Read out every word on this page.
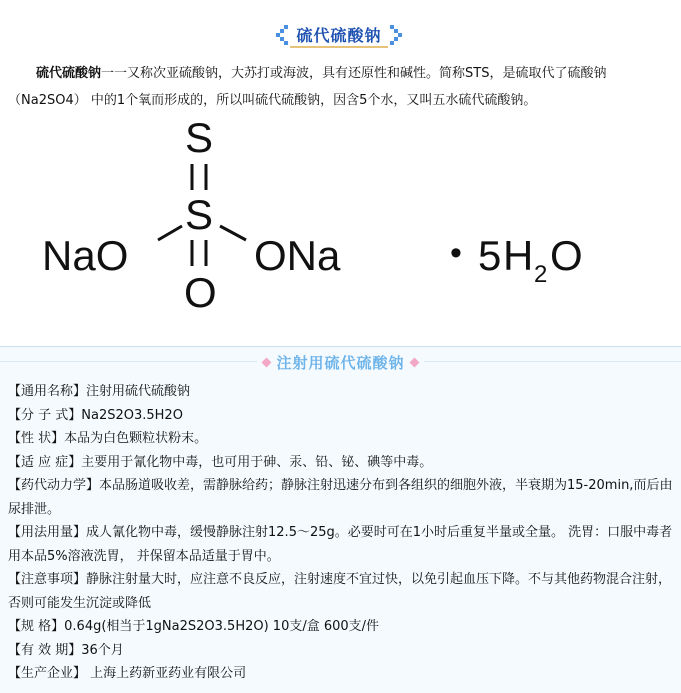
硫代硫酸钠
硫代硫酸钠一一又称次亚硫酸钠，大苏打或海波，具有还原性和碱性。简称STS，是硫取代了硫酸钠（Na2SO4） 中的1个氧而形成的，所以叫硫代硫酸钠，因含5个水，又叫五水硫代硫酸钠。
S
S
O
NaO	ONa	• 5 H 2 O
注射用硫代硫酸钠
【通用名称】注射用硫代硫酸钠
【分 子 式】Na2S2O3.5H2O
【性 状】本品为白色颗粒状粉末。
【适 应 症】主要用于氰化物中毒，也可用于砷、汞、铅、铋、碘等中毒。
【药代动力学】本品肠道吸收差，需静脉给药；静脉注射迅速分布到各组织的细胞外液，半衰期为15-20min,而后由尿排泄。
【用法用量】成人氰化物中毒，缓慢静脉注射12.5～25g。必要时可在1小时后重复半量或全量。 洗胃：口服中毒者用本品5%溶液洗胃， 并保留本品适量于胃中。
【注意事项】静脉注射量大时，应注意不良反应，注射速度不宜过快，以免引起血压下降。不与其他药物混合注射，否则可能发生沉淀或降低
【规 格】0.64g(相当于1gNa2S2O3.5H2O) 10支/盒 600支/件
【有 效 期】36个月
【生产企业】 上海上药新亚药业有限公司
